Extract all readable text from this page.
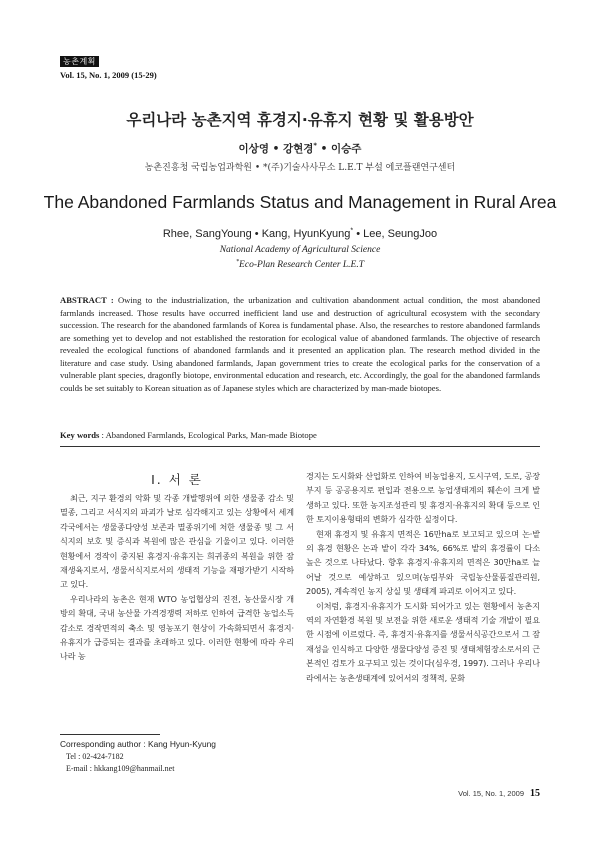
농촌계획
Vol. 15, No. 1, 2009 (15-29)
우리나라 농촌지역 휴경지·유휴지 현황 및 활용방안
이상영 • 강현경* • 이승주
농촌진흥청 국립농업과학원 • *(주)기술사사무소 L.E.T 부설 에코플랜연구센터
The Abandoned Farmlands Status and Management in Rural Area
Rhee, SangYoung • Kang, HyunKyung* • Lee, SeungJoo
National Academy of Agricultural Science
*Eco-Plan Research Center L.E.T

ABSTRACT : Owing to the industrialization, the urbanization and cultivation abandonment actual condition, the most abandoned farmlands increased. Those results have occurred inefficient land use and destruction of agricultural ecosystem with the secondary succession. The research for the abandoned farmlands of Korea is fundamental phase. Also, the researches to restore abandoned farmlands are something yet to develop and not established the restoration for ecological value of abandoned farmlands. The objective of research revealed the ecological functions of abandoned farmlands and it presented an application plan. The research method divided in the literature and case study. Using abandoned farmlands, Japan government tries to create the ecological parks for the conservation of a vulnerable plant species, dragonfly biotope, environmental education and research, etc. Accordingly, the goal for the abandoned farmlands coulds be set suitably to Korean situation as of Japanese styles which are characterized by man-made biotopes.

Key words : Abandoned Farmlands, Ecological Parks, Man-made Biotope

I. 서 론

최근, 지구 환경의 악화 및 각종 개발행위에 의한 생물종 감소 및 멸종, 그리고 서식지의 파괴가 날로 심각해지고 있는 상황에서 세계 각국에서는 생물종다양성 보존과 멸종위기에 처한 생물종 및 그 서식지의 보호 및 증식과 복원에 많은 관심을 기울이고 있다. 이러한 현황에서 경작이 중지된 휴경지·유휴지는 희귀종의 복원을 위한 잠재생육지로서, 생물서식지로서의 생태적 기능을 재평가받기 시작하고 있다.

우리나라의 농촌은 현재 WTO 농업협상의 진전, 농산물시장 개방의 확대, 국내 농산물 가격경쟁력 저하로 인하여 급격한 농업소득 감소로 경작면적의 축소 및 영농포기 현상이 가속화되면서 휴경지·유휴지가 급증되는 결과를 초래하고 있다. 이러한 현황에 따라 우리나라 농

경지는 도시화와 산업화로 인하여 비농업용지, 도시구역, 도로, 공장부지 등 공공용지로 편입과 전용으로 농업생태계의 훼손이 크게 발생하고 있다. 또한 농지조성관리 및 휴경지·유휴지의 확대 등으로 인한 토지이용형태의 변화가 심각한 실정이다.

현재 휴경지 및 유휴지 면적은 16만ha로 보고되고 있으며 논·밭의 휴경 현황은 논과 밭이 각각 34%, 66%로 밭의 휴경률이 다소 높은 것으로 나타났다. 향후 휴경지·유휴지의 면적은 30만ha로 늘어날 것으로 예상하고 있으며(농림부와 국립농산물품질관리원, 2005), 계속적인 농지 상실 및 생태계 파괴로 이어지고 있다.

이처럼, 휴경지·유휴지가 도시화 되어가고 있는 현황에서 농촌지역의 자연환경 복원 및 보전을 위한 새로운 생태적 기술 개발이 필요한 시점에 이르렀다. 즉, 휴경지·유휴지를 생물서식공간으로서 그 잠재성을 인식하고 다양한 생물다양성 증진 및 생태체험장소로서의 근본적인 검토가 요구되고 있는 것이다(심우경, 1997). 그러나 우리나라에서는 농촌생태계에 있어서의 정책적, 문화

Corresponding author : Kang Hyun-Kyung
Tel : 02-424-7182
E-mail : hkkang109@hanmail.net
Vol. 15, No. 1, 2009 15
